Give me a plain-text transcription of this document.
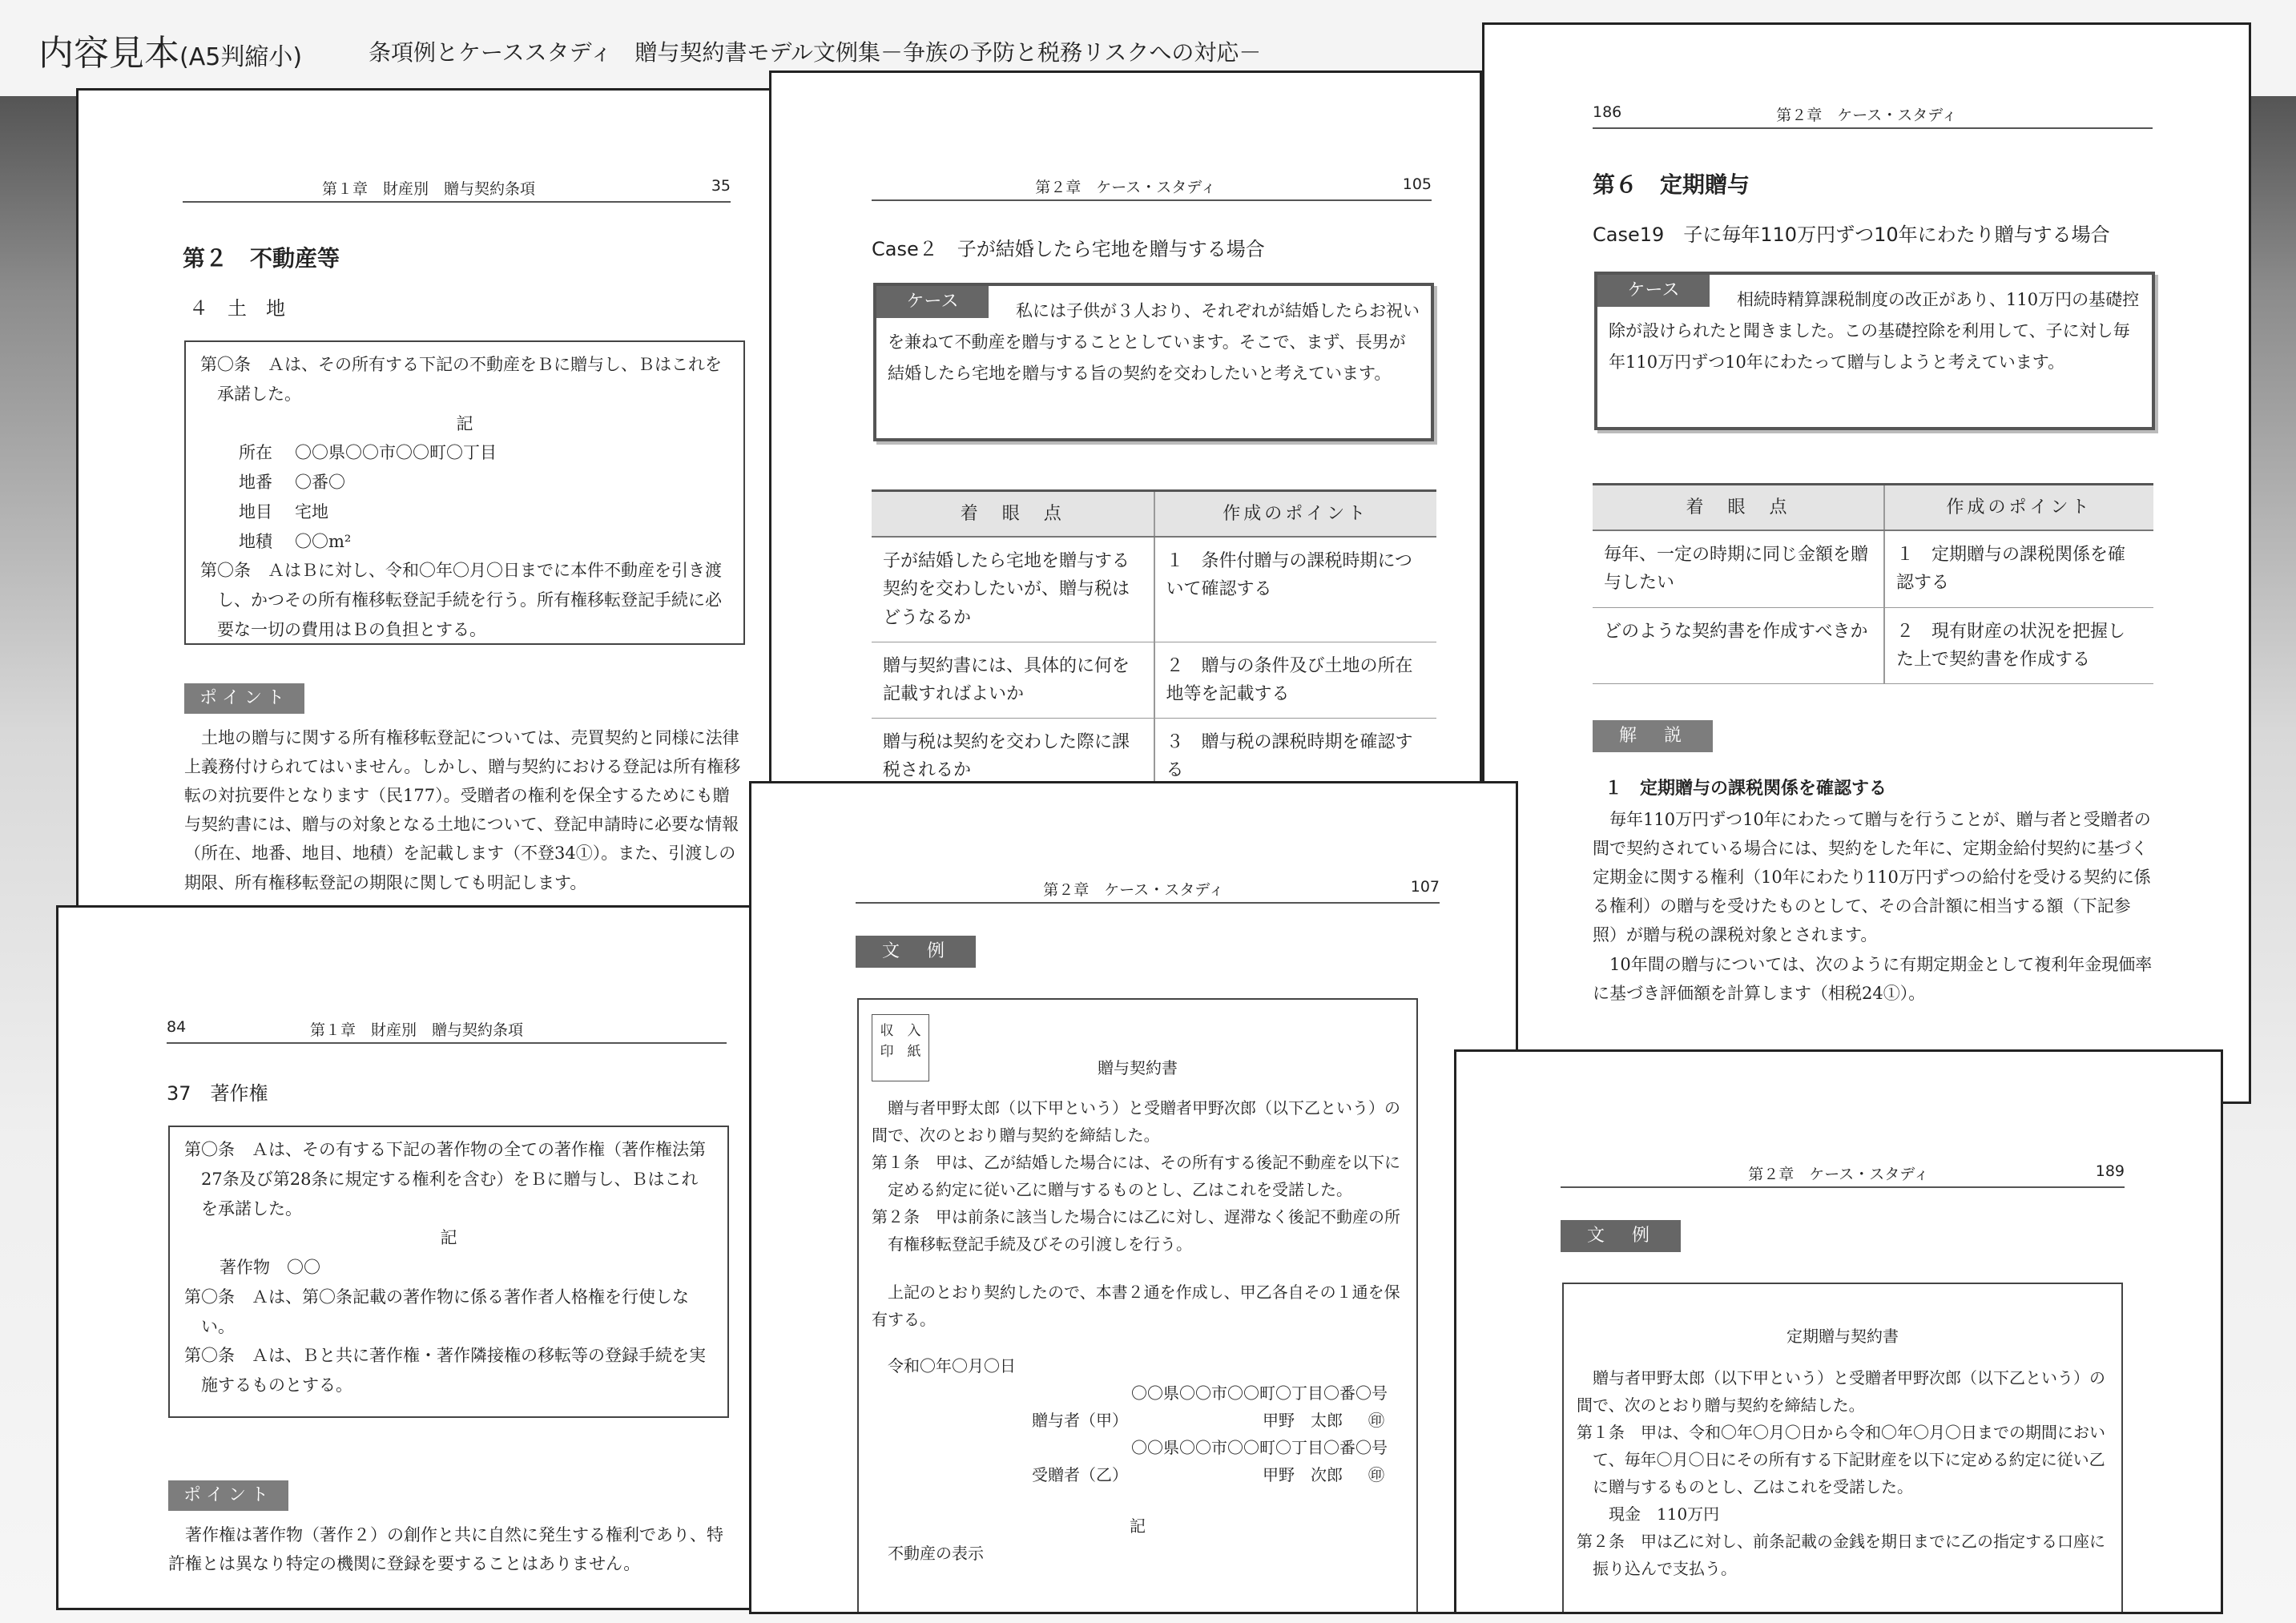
内容見本(A5判縮小)	条項例とケーススタディ　贈与契約書モデル文例集－争族の予防と税務リスクへの対応－
第１章　財産別　贈与契約条項	35
第２　不動産等
４　土　地

第〇条　Ａは、その所有する下記の不動産をＢに贈与し、Ｂはこれを承諾した。

記

所在 〇〇県〇〇市〇〇町〇丁目
地番 〇番〇
地目 宅地
地積 〇〇m²

第〇条　ＡはＢに対し、令和〇年〇月〇日までに本件不動産を引き渡し、かつその所有権移転登記手続を行う。所有権移転登記手続に必要な一切の費用はＢの負担とする。

ポイント

土地の贈与に関する所有権移転登記については、売買契約と同様に法律上義務付けられてはいません。しかし、贈与契約における登記は所有権移転の対抗要件となります（民177）。受贈者の権利を保全するためにも贈与契約書には、贈与の対象となる土地について、登記申請時に必要な情報（所在、地番、地目、地積）を記載します（不登34①）。また、引渡しの期限、所有権移転登記の期限に関しても明記します。

84	第１章　財産別　贈与契約条項
37　著作権

第〇条　Ａは、その有する下記の著作物の全ての著作権（著作権法第27条及び第28条に規定する権利を含む）をＢに贈与し、Ｂはこれを承諾した。

記

著作物　〇〇

第〇条　Ａは、第〇条記載の著作物に係る著作者人格権を行使しない。

第〇条　Ａは、Ｂと共に著作権・著作隣接権の移転等の登録手続を実施するものとする。

ポイント

著作権は著作物（著作２）の創作と共に自然に発生する権利であり、特許権とは異なり特定の機関に登録を要することはありません。

第２章　ケース・スタディ	105
Case２　子が結婚したら宅地を贈与する場合
ケース	私には子供が３人おり、それぞれが結婚したらお祝いを兼ねて不動産を贈与することとしています。そこで、まず、長男が結婚したら宅地を贈与する旨の契約を交わしたいと考えています。
着　眼　点	作成のポイント
子が結婚したら宅地を贈与する契約を交わしたいが、贈与税はどうなるか	１　条件付贈与の課税時期について確認する
贈与契約書には、具体的に何を記載すればよいか	２　贈与の条件及び土地の所在地等を記載する
贈与税は契約を交わした際に課税されるか	３　贈与税の課税時期を確認する
186	第２章　ケース・スタディ
第６　定期贈与
Case19　子に毎年110万円ずつ10年にわたり贈与する場合
ケース	相続時精算課税制度の改正があり、110万円の基礎控除が設けられたと聞きました。この基礎控除を利用して、子に対し毎年110万円ずつ10年にわたって贈与しようと考えています。
着　眼　点	作成のポイント
毎年、一定の時期に同じ金額を贈与したい	１　定期贈与の課税関係を確認する
どのような契約書を作成すべきか	２　現有財産の状況を把握した上で契約書を作成する
解　説
１　定期贈与の課税関係を確認する

毎年110万円ずつ10年にわたって贈与を行うことが、贈与者と受贈者の間で契約されている場合には、契約をした年に、定期金給付契約に基づく定期金に関する権利（10年にわたり110万円ずつの給付を受ける契約に係る権利）の贈与を受けたものとして、その合計額に相当する額（下記参照）が贈与税の課税対象とされます。

10年間の贈与については、次のように有期定期金として複利年金現価率に基づき評価額を計算します（相税24①）。

第２章　ケース・スタディ	107
文　例
収　入
印　紙

贈与契約書

贈与者甲野太郎（以下甲という）と受贈者甲野次郎（以下乙という）の間で、次のとおり贈与契約を締結した。

第１条　甲は、乙が結婚した場合には、その所有する後記不動産を以下に定める約定に従い乙に贈与するものとし、乙はこれを受諾した。

第２条　甲は前条に該当した場合には乙に対し、遅滞なく後記不動産の所有権移転登記手続及びその引渡しを行う。

上記のとおり契約したので、本書２通を作成し、甲乙各自その１通を保有する。

令和〇年〇月〇日

〇〇県〇〇市〇〇町〇丁目〇番〇号

贈与者（甲）	甲野　太郎 ㊞

〇〇県〇〇市〇〇町〇丁目〇番〇号

受贈者（乙）	甲野　次郎 ㊞

記

不動産の表示

第２章　ケース・スタディ	189
文　例

定期贈与契約書

贈与者甲野太郎（以下甲という）と受贈者甲野次郎（以下乙という）の間で、次のとおり贈与契約を締結した。

第１条　甲は、令和〇年〇月〇日から令和〇年〇月〇日までの期間において、毎年〇月〇日にその所有する下記財産を以下に定める約定に従い乙に贈与するものとし、乙はこれを受諾した。

現金　110万円

第２条　甲は乙に対し、前条記載の金銭を期日までに乙の指定する口座に振り込んで支払う。
